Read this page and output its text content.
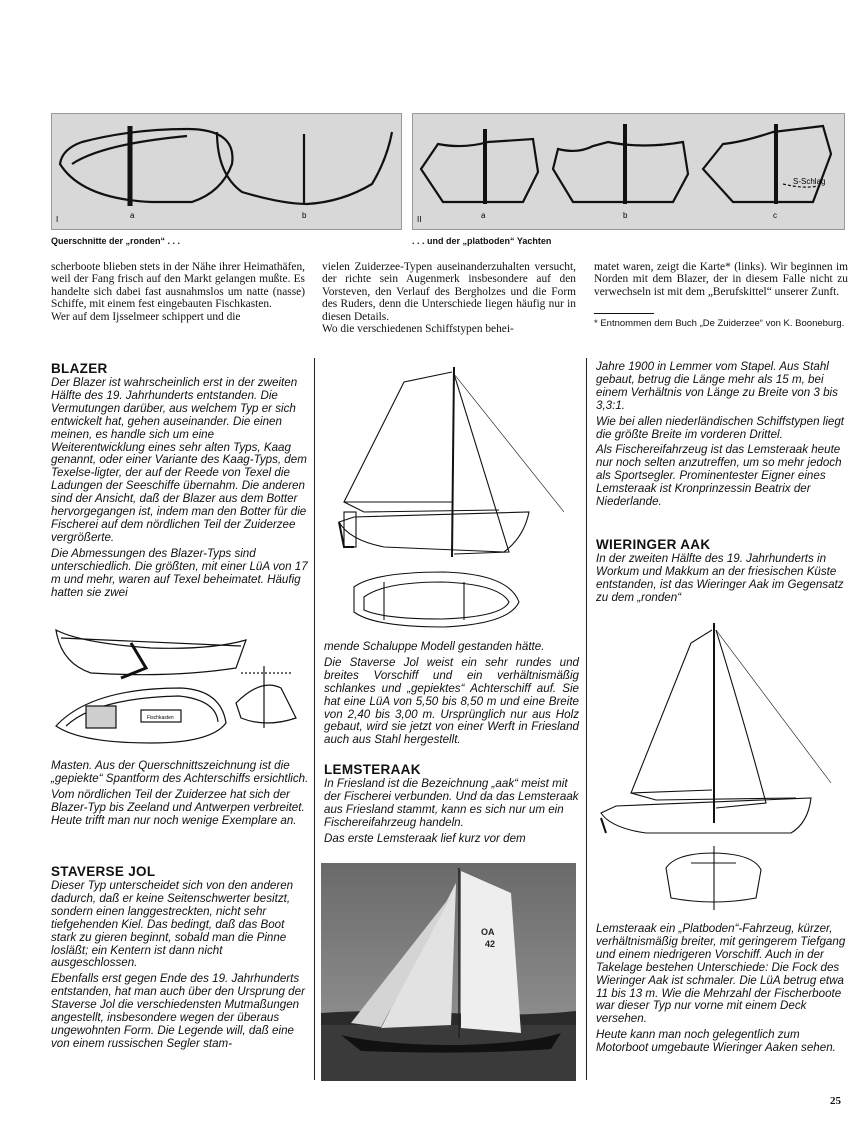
I	a	b
S-Schlag
II	a	b	c
Querschnitte der „ronden“ . . .	. . . und der „platboden“ Yachten

scherboote blieben stets in der Nähe ihrer Heimathäfen, weil der Fang frisch auf den Markt gelangen mußte. Es handelte sich dabei fast ausnahmslos um natte (nasse) Schiffe, mit einem fest eingebauten Fischkasten.

Wer auf dem Ijsselmeer schippert und die

vielen Zuiderzee-Typen auseinanderzuhalten versucht, der richte sein Augenmerk insbesondere auf den Vorsteven, den Verlauf des Bergholzes und die Form des Ruders, denn die Unterschiede liegen häufig nur in diesen Details.

Wo die verschiedenen Schiffstypen behei-

matet waren, zeigt die Karte* (links). Wir beginnen im Norden mit dem Blazer, der in diesem Falle nicht zu verwechseln ist mit dem „Berufskittel“ unserer Zunft.

* Entnommen dem Buch „De Zuiderzee“ von K. Booneburg.
BLAZER

Der Blazer ist wahrscheinlich erst in der zweiten Hälfte des 19. Jahrhunderts entstanden. Die Vermutungen darüber, aus welchem Typ er sich entwickelt hat, gehen auseinander. Die einen meinen, es handle sich um eine Weiterentwicklung eines sehr alten Typs, Kaag genannt, oder einer Variante des Kaag-Typs, dem Texelse-ligter, der auf der Reede von Texel die Ladungen der Seeschiffe übernahm. Die anderen sind der Ansicht, daß der Blazer aus dem Botter hervorgegangen ist, indem man den Botter für die Fischerei auf dem nördlichen Teil der Zuiderzee vergrößerte.

Die Abmessungen des Blazer-Typs sind unterschiedlich. Die größten, mit einer LüA von 17 m und mehr, waren auf Texel beheimatet. Häufig hatten sie zwei

Fischkasten

Masten. Aus der Querschnittszeichnung ist die „gepiekte“ Spantform des Achterschiffs ersichtlich.

Vom nördlichen Teil der Zuiderzee hat sich der Blazer-Typ bis Zeeland und Antwerpen verbreitet. Heute trifft man nur noch wenige Exemplare an.

STAVERSE JOL

Dieser Typ unterscheidet sich von den anderen dadurch, daß er keine Seitenschwerter besitzt, sondern einen langgestreckten, nicht sehr tiefgehenden Kiel. Das bedingt, daß das Boot stark zu gieren beginnt, sobald man die Pinne losläßt; ein Kentern ist dann nicht ausgeschlossen.

Ebenfalls erst gegen Ende des 19. Jahrhunderts entstanden, hat man auch über den Ursprung der Staverse Jol die verschiedensten Mutmaßungen angestellt, insbesondere wegen der überaus ungewohnten Form. Die Legende will, daß eine von einem russischen Segler stam-

mende Schaluppe Modell gestanden hätte.

Die Staverse Jol weist ein sehr rundes und breites Vorschiff und ein verhältnismäßig schlankes und „gepiektes“ Achterschiff auf. Sie hat eine LüA von 5,50 bis 8,50 m und eine Breite von 2,40 bis 3,00 m. Ursprünglich nur aus Holz gebaut, wird sie jetzt von einer Werft in Friesland auch aus Stahl hergestellt.

LEMSTERAAK

In Friesland ist die Bezeichnung „aak“ meist mit der Fischerei verbunden. Und da das Lemsteraak aus Friesland stammt, kann es sich nur um ein Fischereifahrzeug handeln.

Das erste Lemsteraak lief kurz vor dem

OA
42

Jahre 1900 in Lemmer vom Stapel. Aus Stahl gebaut, betrug die Länge mehr als 15 m, bei einem Verhältnis von Länge zu Breite von 3 bis 3,3:1.

Wie bei allen niederländischen Schiffstypen liegt die größte Breite im vorderen Drittel.

Als Fischereifahrzeug ist das Lemsteraak heute nur noch selten anzutreffen, um so mehr jedoch als Sportsegler. Prominentester Eigner eines Lemsteraak ist Kronprinzessin Beatrix der Niederlande.

WIERINGER AAK

In der zweiten Hälfte des 19. Jahrhunderts in Workum und Makkum an der friesischen Küste entstanden, ist das Wieringer Aak im Gegensatz zu dem „ronden“

Lemsteraak ein „Platboden“-Fahrzeug, kürzer, verhältnismäßig breiter, mit geringerem Tiefgang und einem niedrigeren Vorschiff. Auch in der Takelage bestehen Unterschiede: Die Fock des Wieringer Aak ist schmaler. Die LüA betrug etwa 11 bis 13 m. Wie die Mehrzahl der Fischerboote war dieser Typ nur vorne mit einem Deck versehen.

Heute kann man noch gelegentlich zum Motorboot umgebaute Wieringer Aaken sehen.

25
